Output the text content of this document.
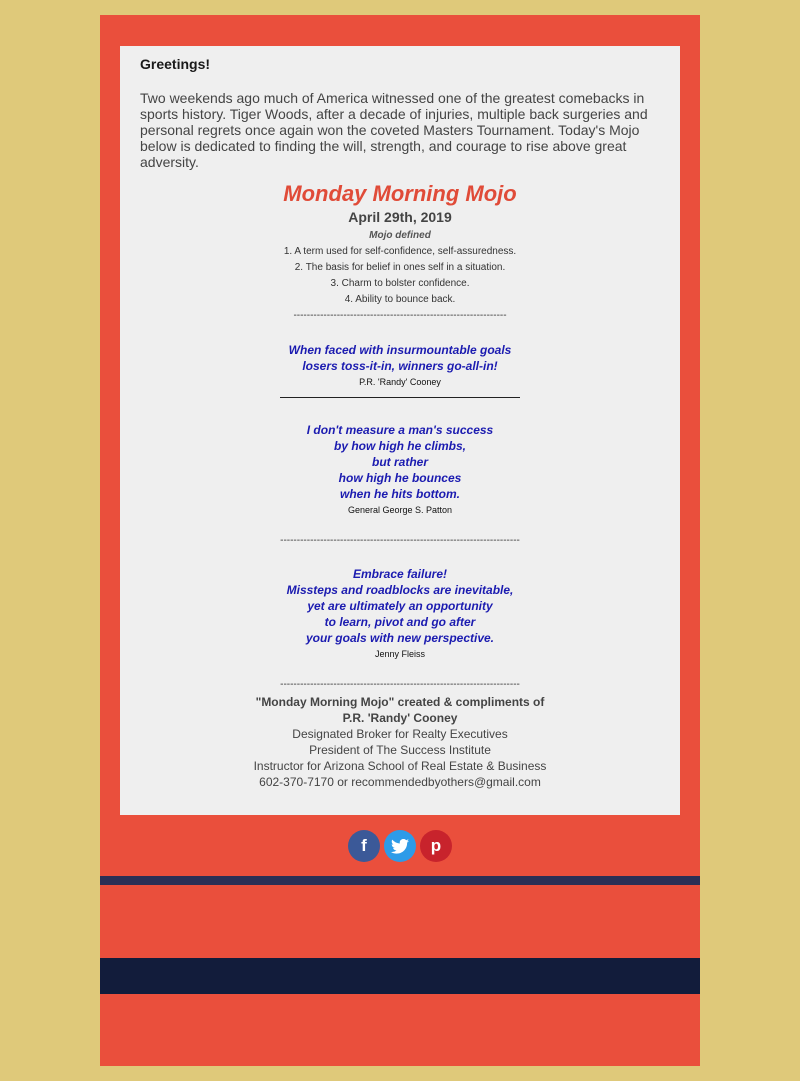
Greetings!
Two weekends ago much of America witnessed one of the greatest comebacks in sports history. Tiger Woods, after a decade of injuries, multiple back surgeries and personal regrets once again won the coveted Masters Tournament. Today's Mojo below is dedicated to finding the will, strength, and courage to rise above great adversity.
Monday Morning Mojo
April 29th, 2019
Mojo defined
1. A term used for self-confidence, self-assuredness.
2. The basis for belief in ones self in a situation.
3. Charm to bolster confidence.
4. Ability to bounce back.
----------------------------------------------------------------
When faced with insurmountable goals
losers toss-it-in, winners go-all-in!
P.R. 'Randy' Cooney
I don't measure a man's success
by how high he climbs,
but rather
how high he bounces
when he hits bottom.
General George S. Patton
------------------------------------------------------------------------
Embrace failure!
Missteps and roadblocks are inevitable,
yet are ultimately an opportunity
to learn, pivot and go after
your goals with new perspective.
Jenny Fleiss
------------------------------------------------------------------------
"Monday Morning Mojo" created & compliments of
P.R. 'Randy' Cooney
Designated Broker for Realty Executives
President of The Success Institute
Instructor for Arizona School of Real Estate & Business
602-370-7170 or recommendedbyothers@gmail.com
f	p
